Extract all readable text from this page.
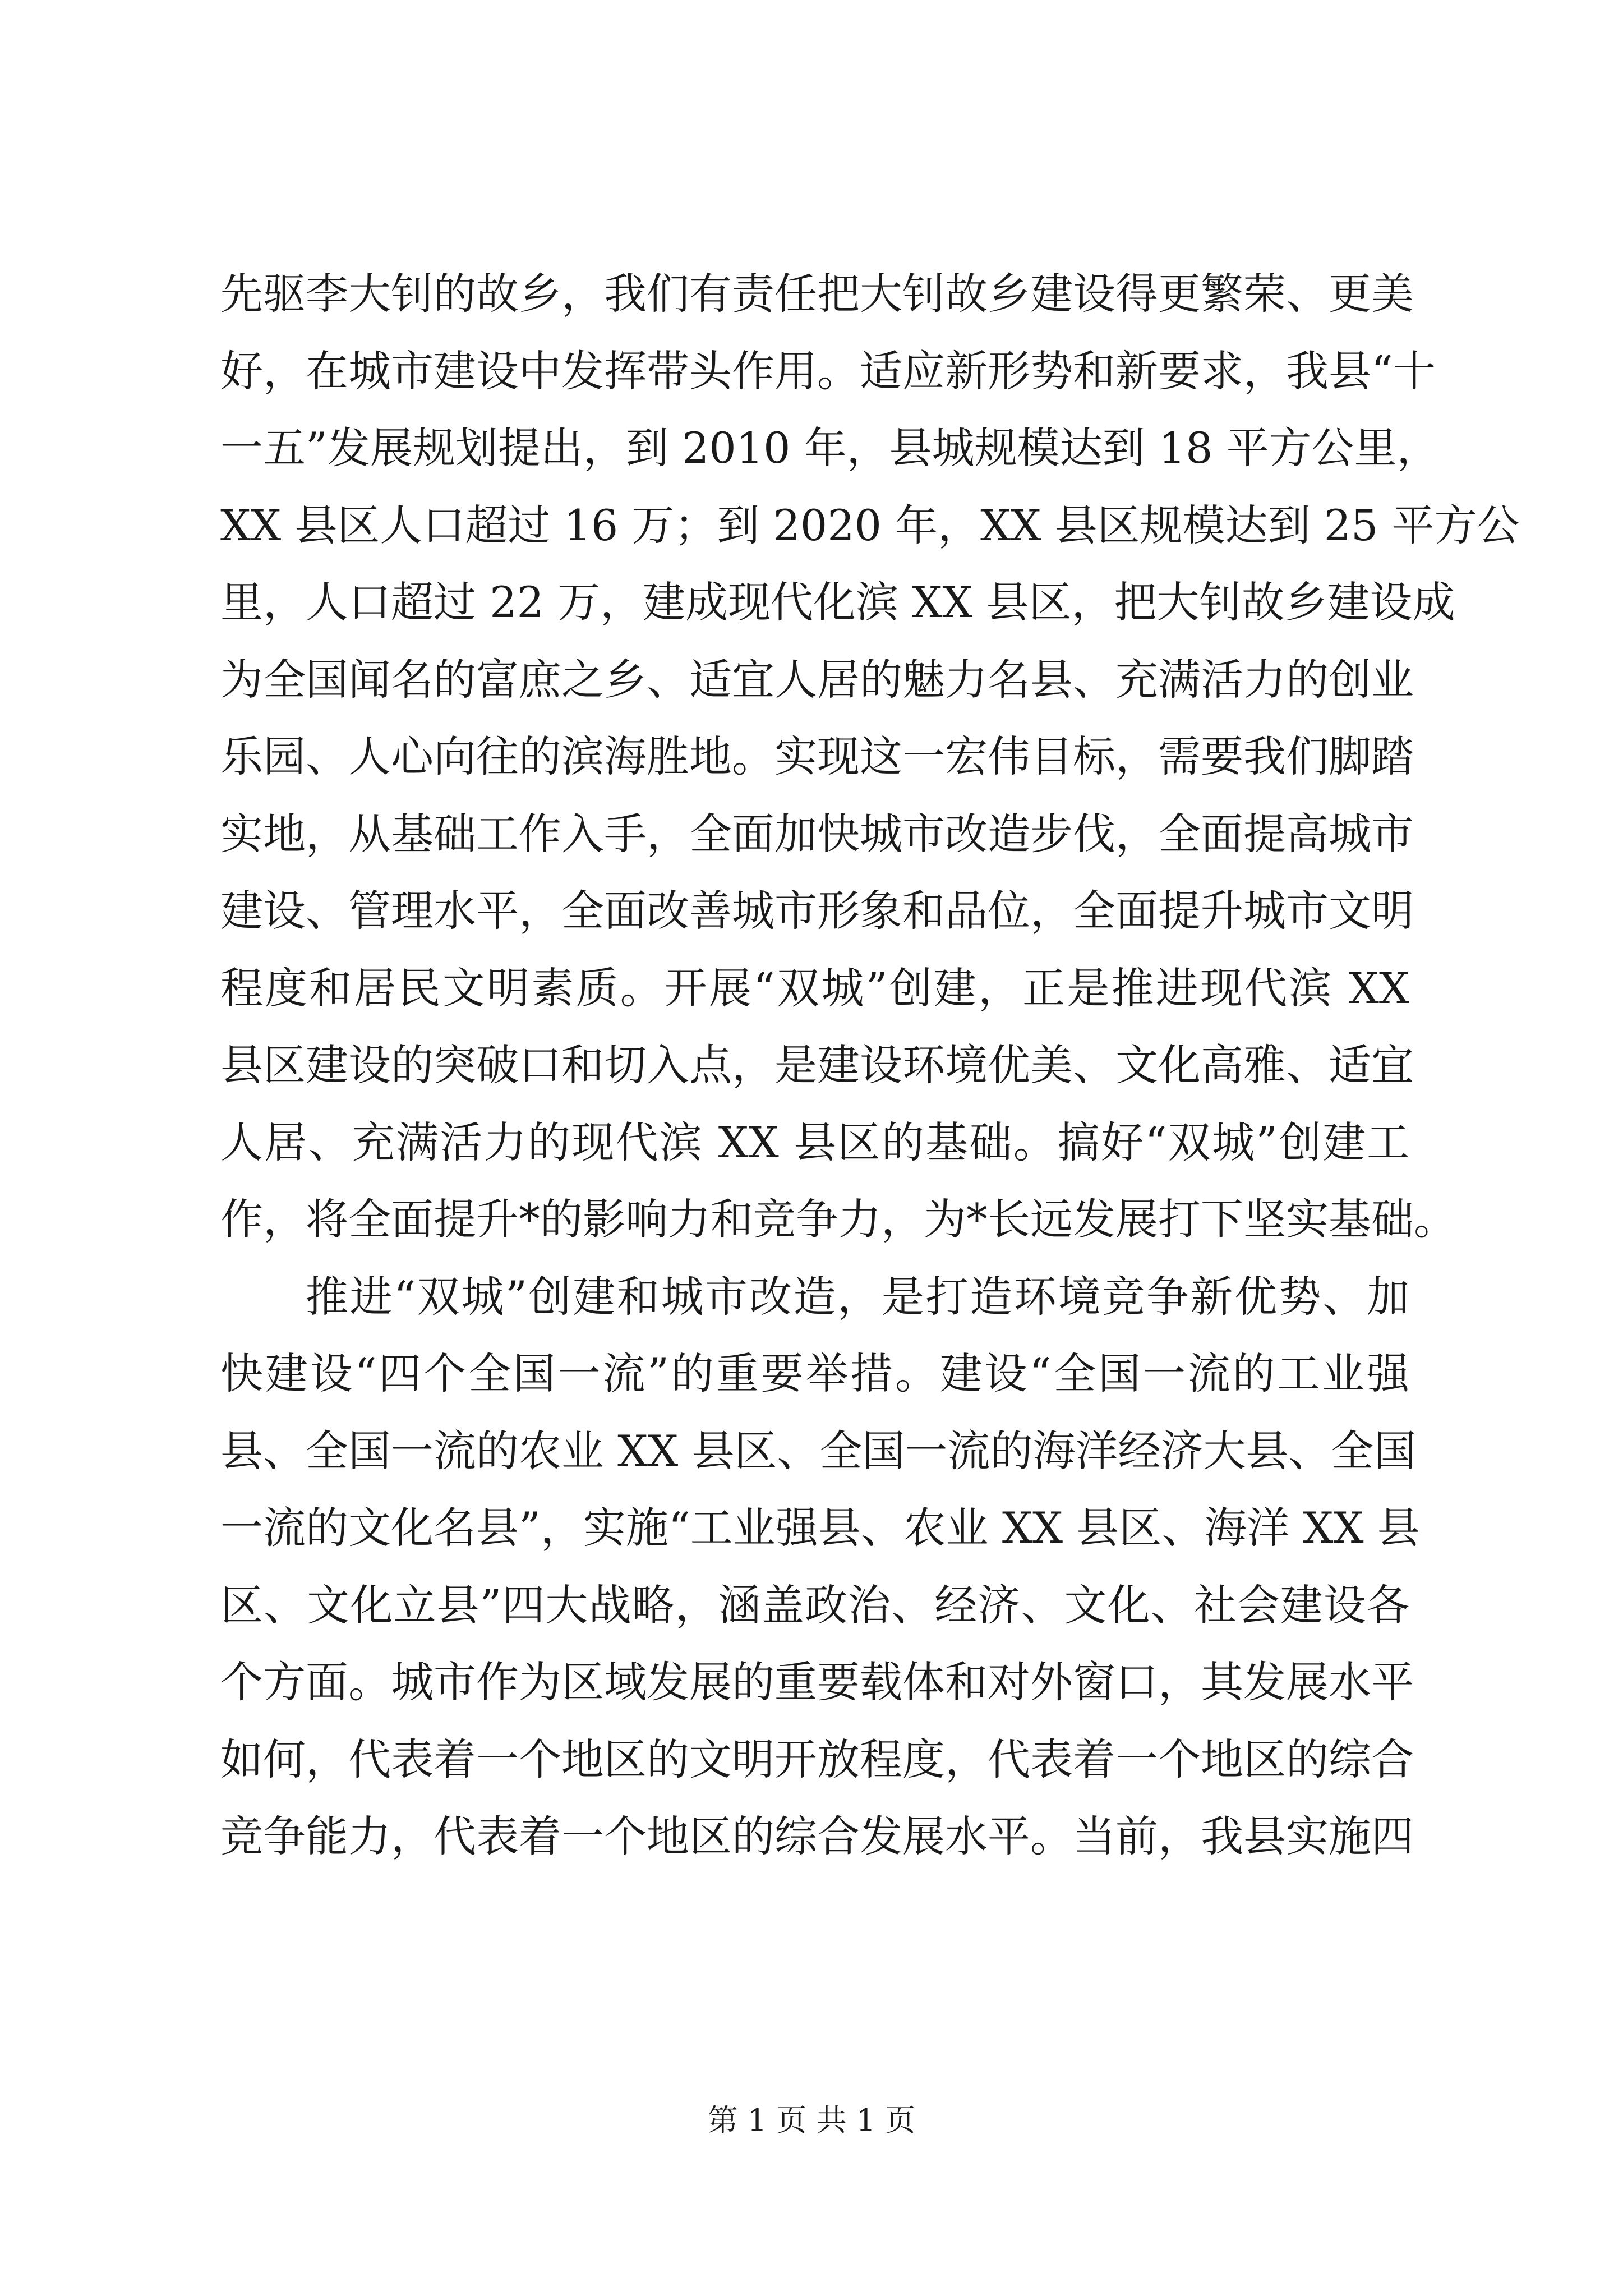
先驱李大钊的故乡，我们有责任把大钊故乡建设得更繁荣、更美
好，在城市建设中发挥带头作用。适应新形势和新要求，我县“十
一五”发展规划提出，到 2010 年，县城规模达到 18 平方公里，
XX 县区人口超过 16 万；到 2020 年，XX 县区规模达到 25 平方公
里，人口超过 22 万，建成现代化滨 XX 县区，把大钊故乡建设成
为全国闻名的富庶之乡、适宜人居的魅力名县、充满活力的创业
乐园、人心向往的滨海胜地。实现这一宏伟目标，需要我们脚踏
实地，从基础工作入手，全面加快城市改造步伐，全面提高城市
建设、管理水平，全面改善城市形象和品位，全面提升城市文明
程度和居民文明素质。开展“双城”创建，正是推进现代滨 XX
县区建设的突破口和切入点，是建设环境优美、文化高雅、适宜
人居、充满活力的现代滨 XX 县区的基础。搞好“双城”创建工
作，将全面提升*的影响力和竞争力，为*长远发展打下坚实基础。
推进“双城”创建和城市改造，是打造环境竞争新优势、加
快建设“四个全国一流”的重要举措。建设“全国一流的工业强
县、全国一流的农业 XX 县区、全国一流的海洋经济大县、全国
一流的文化名县”，实施“工业强县、农业 XX 县区、海洋 XX 县
区、文化立县”四大战略，涵盖政治、经济、文化、社会建设各
个方面。城市作为区域发展的重要载体和对外窗口，其发展水平
如何，代表着一个地区的文明开放程度，代表着一个地区的综合
竞争能力，代表着一个地区的综合发展水平。当前，我县实施四
第 1 页 共 1 页
